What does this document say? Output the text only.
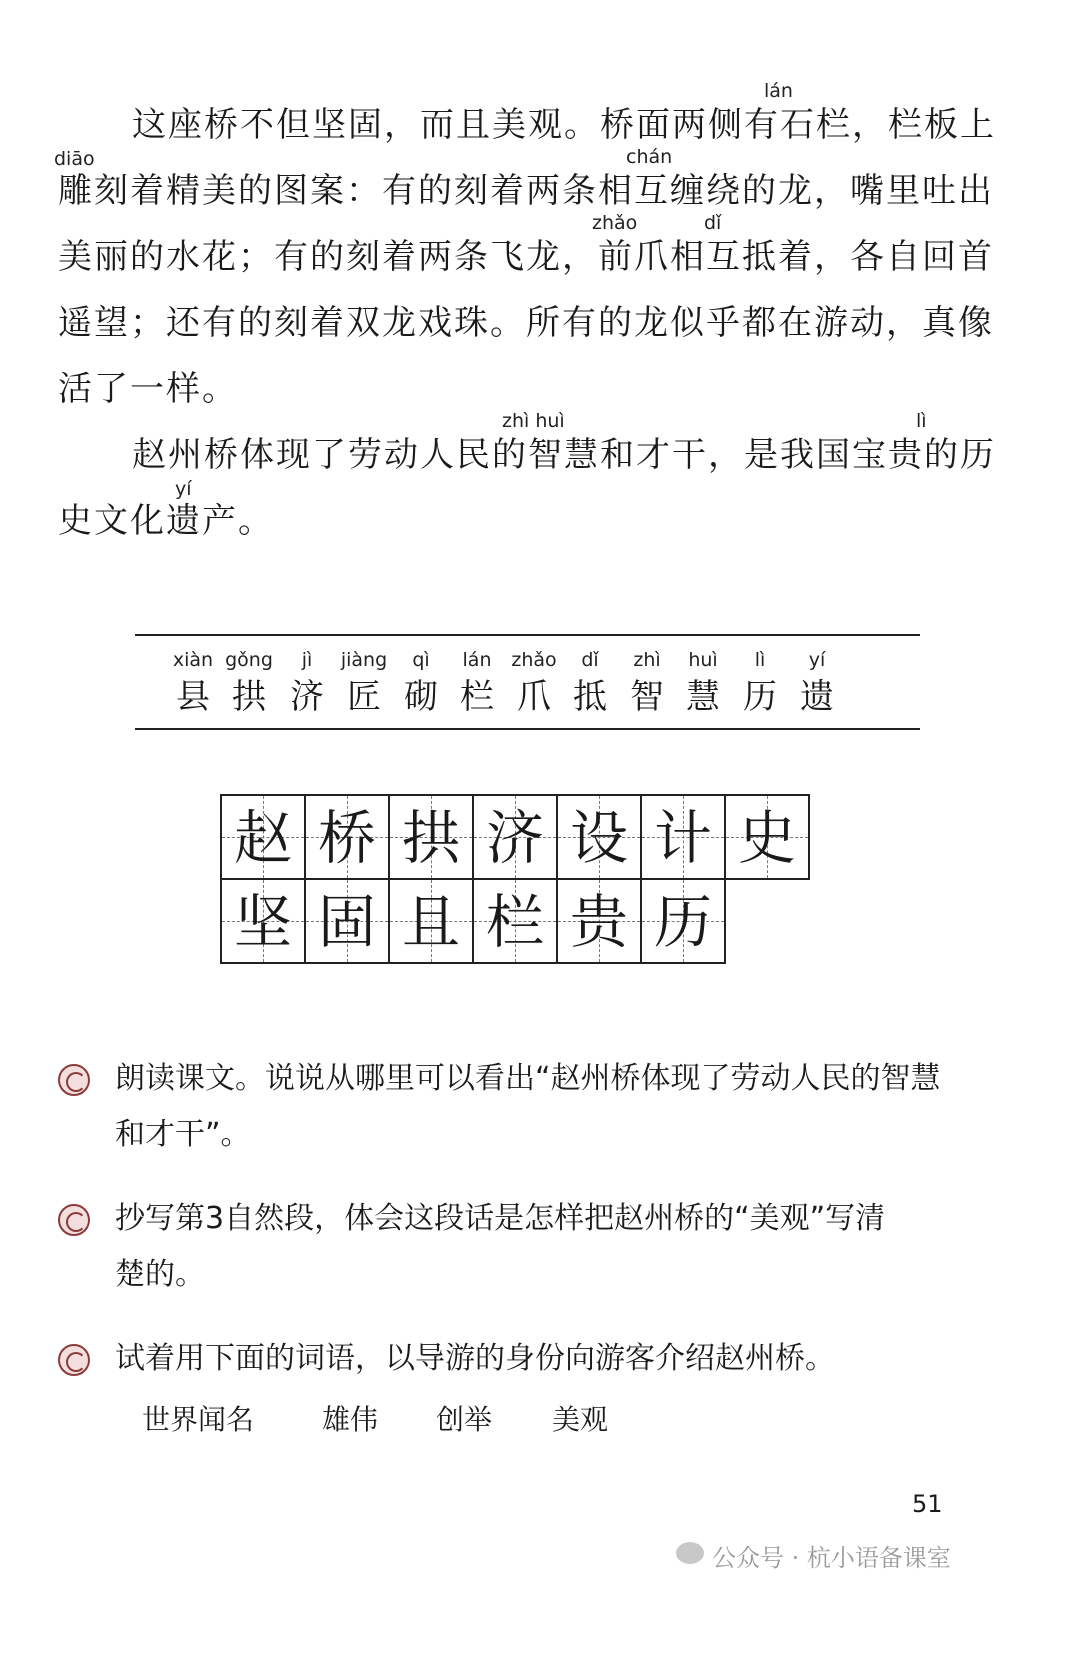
lán
这座桥不但坚固，而且美观。桥面两侧有石栏，栏板上
diāo	chán
雕刻着精美的图案：有的刻着两条相互缠绕的龙，嘴里吐出
zhǎo	dǐ
美丽的水花；有的刻着两条飞龙，前爪相互抵着，各自回首
遥望；还有的刻着双龙戏珠。所有的龙似乎都在游动，真像
活了一样。
zhì huì	lì
赵州桥体现了劳动人民的智慧和才干，是我国宝贵的历
yí
史文化遗产。
xiàn
县
gǒng
拱
jì
济
jiàng
匠
qì
砌
lán
栏
zhǎo
爪
dǐ
抵
zhì
智
huì
慧
lì
历
yí
遗
赵 桥 拱 济 设 计 史
坚 固 且 栏 贵 历
朗读课文。说说从哪里可以看出“赵州桥体现了劳动人民的智慧
和才干”。
抄写第3自然段，体会这段话是怎样把赵州桥的“美观”写清
楚的。
试着用下面的词语，以导游的身份向游客介绍赵州桥。
世界闻名 雄伟 创举 美观
51
公众号 · 杭小语备课室
